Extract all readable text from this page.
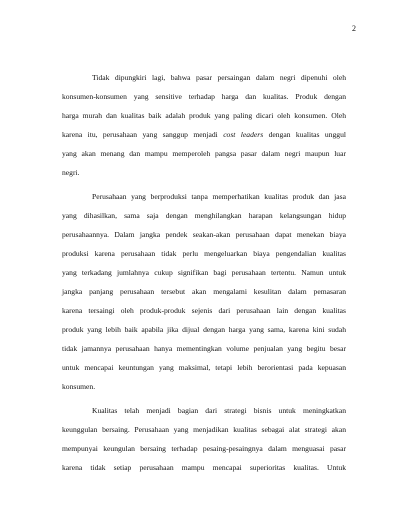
2

Tidak dipungkiri lagi, bahwa pasar persaingan dalam negri dipenuhi oleh
konsumen-konsumen yang sensitive terhadap harga dan kualitas. Produk dengan
harga murah dan kualitas baik adalah produk yang paling dicari oleh konsumen. Oleh
karena itu, perusahaan yang sanggup menjadi cost leaders dengan kualitas unggul
yang akan menang dan mampu memperoleh pangsa pasar dalam negri maupun luar
negri.

Perusahaan yang berproduksi tanpa memperhatikan kualitas produk dan jasa
yang dihasilkan, sama saja dengan menghilangkan harapan kelangsungan hidup
perusahaannya. Dalam jangka pendek seakan-akan perusahaan dapat menekan biaya
produksi karena perusahaan tidak perlu mengeluarkan biaya pengendalian kualitas
yang terkadang jumlahnya cukup signifikan bagi perusahaan tertentu. Namun untuk
jangka panjang perusahaan tersebut akan mengalami kesulitan dalam pemasaran
karena tersaingi oleh produk-produk sejenis dari perusahaan lain dengan kualitas
produk yang lebih baik apabila jika dijual dengan harga yang sama, karena kini sudah
tidak jamannya perusahaan hanya mementingkan volume penjualan yang begitu besar
untuk mencapai keuntungan yang maksimal, tetapi lebih berorientasi pada kepuasan
konsumen.

Kualitas telah menjadi bagian dari strategi bisnis untuk meningkatkan
keunggulan bersaing. Perusahaan yang menjadikan kualitas sebagai alat strategi akan
mempunyai keungulan bersaing terhadap pesaing-pesaingnya dalam menguasai pasar
karena tidak setiap perusahaan mampu mencapai superioritas kualitas. Untuk
